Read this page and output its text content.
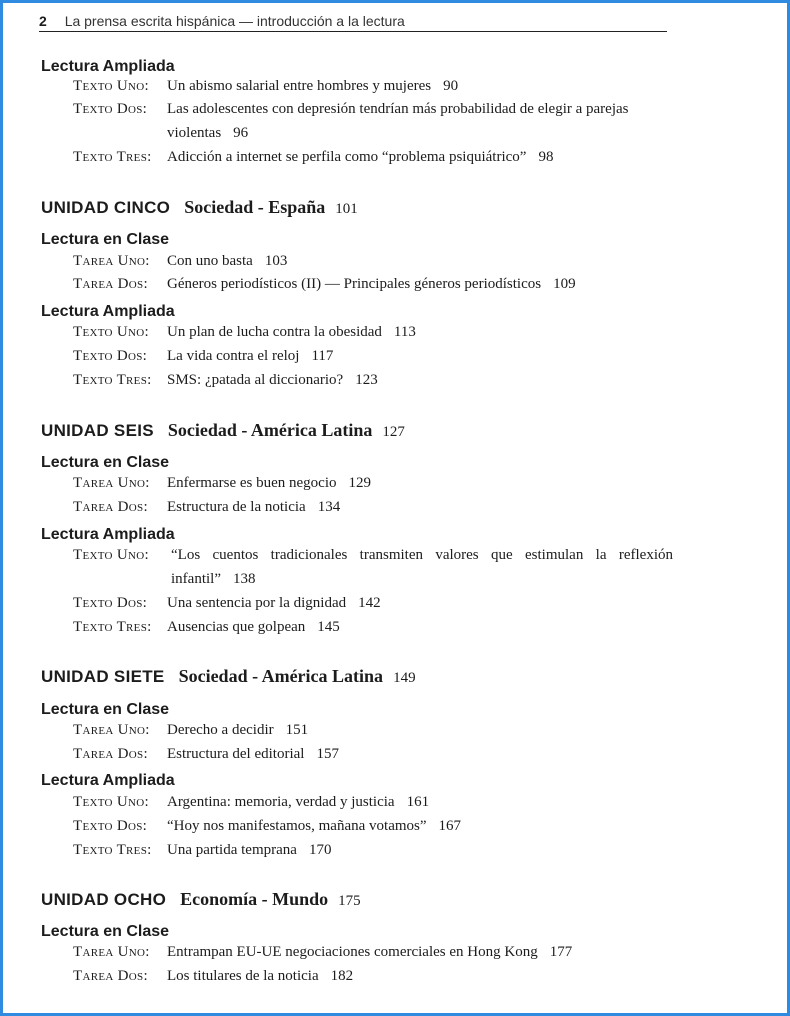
2 La prensa escrita hispánica — introducción a la lectura
Lectura Ampliada
Texto Uno: Un abismo salarial entre hombres y mujeres 90
Texto Dos: Las adolescentes con depresión tendrían más probabilidad de elegir a parejas violentas 96
Texto Tres: Adicción a internet se perfila como “problema psiquiátrico” 98
UNIDAD CINCO Sociedad - España 101
Lectura en Clase
Tarea Uno: Con uno basta 103
Tarea Dos: Géneros periodísticos (II) — Principales géneros periodísticos 109
Lectura Ampliada
Texto Uno: Un plan de lucha contra la obesidad 113
Texto Dos: La vida contra el reloj 117
Texto Tres: SMS: ¿patada al diccionario? 123
UNIDAD SEIS Sociedad - América Latina 127
Lectura en Clase
Tarea Uno: Enfermarse es buen negocio 129
Tarea Dos: Estructura de la noticia 134
Lectura Ampliada
Texto Uno: “Los cuentos tradicionales transmiten valores que estimulan la reflexión infantil” 138
Texto Dos: Una sentencia por la dignidad 142
Texto Tres: Ausencias que golpean 145
UNIDAD SIETE Sociedad - América Latina 149
Lectura en Clase
Tarea Uno: Derecho a decidir 151
Tarea Dos: Estructura del editorial 157
Lectura Ampliada
Texto Uno: Argentina: memoria, verdad y justicia 161
Texto Dos: “Hoy nos manifestamos, mañana votamos” 167
Texto Tres: Una partida temprana 170
UNIDAD OCHO Economía - Mundo 175
Lectura en Clase
Tarea Uno: Entrampan EU-UE negociaciones comerciales en Hong Kong 177
Tarea Dos: Los titulares de la noticia 182
